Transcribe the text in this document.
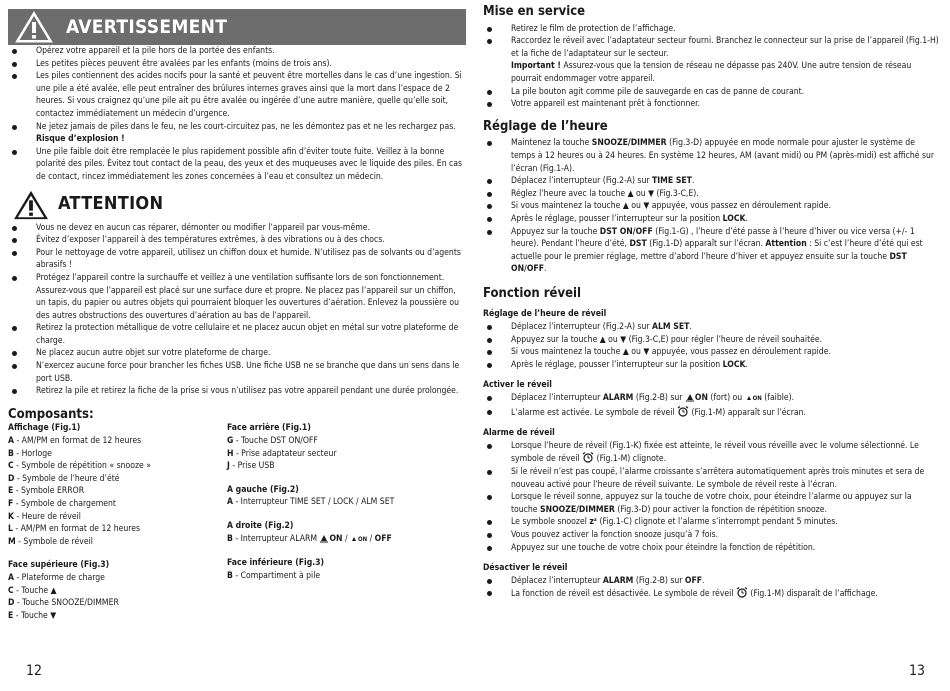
AVERTISSEMENT
Opérez votre appareil et la pile hors de la portée des enfants.
Les petites pièces peuvent être avalées par les enfants (moins de trois ans).
Les piles contiennent des acides nocifs pour la santé et peuvent être mortelles dans le cas d’une ingestion. Si une pile a été avalée, elle peut entraîner des brûlures internes graves ainsi que la mort dans l’espace de 2 heures. Si vous craignez qu’une pile ait pu être avalée ou ingérée d’une autre manière, quelle qu’elle soit, contactez immédiatement un médecin d’urgence.
Ne jetez jamais de piles dans le feu, ne les court-circuitez pas, ne les démontez pas et ne les rechargez pas.
Risque d’explosion !
Une pile faible doit être remplacée le plus rapidement possible afin d’éviter toute fuite. Veillez à la bonne polarité des piles. Évitez tout contact de la peau, des yeux et des muqueuses avec le liquide des piles. En cas de contact, rincez immédiatement les zones concernées à l’eau et consultez un médecin.
ATTENTION
Vous ne devez en aucun cas réparer, démonter ou modifier l’appareil par vous-même.
Évitez d’exposer l’appareil à des températures extrêmes, à des vibrations ou à des chocs.
Pour le nettoyage de votre appareil, utilisez un chiffon doux et humide. N’utilisez pas de solvants ou d’agents abrasifs !
Protégez l’appareil contre la surchauffe et veillez à une ventilation suffisante lors de son fonctionnement. Assurez-vous que l’appareil est placé sur une surface dure et propre. Ne placez pas l’appareil sur un chiffon, un tapis, du papier ou autres objets qui pourraient bloquer les ouvertures d’aération. Enlevez la poussière ou des autres obstructions des ouvertures d’aération au bas de l’appareil.
Retirez la protection métallique de votre cellulaire et ne placez aucun objet en métal sur votre plateforme de charge.
Ne placez aucun autre objet sur votre plateforme de charge.
N’exercez aucune force pour brancher les fiches USB. Une fiche USB ne se branche que dans un sens dans le port USB.
Retirez la pile et retirez la fiche de la prise si vous n’utilisez pas votre appareil pendant une durée prolongée.

Composants:

Affichage (Fig.1)
A - AM/PM en format de 12 heures
B - Horloge
C - Symbole de répétition « snooze »
D - Symbole de l’heure d’été
E - Symbole ERROR
F - Symbole de chargement
K - Heure de réveil
L - AM/PM en format de 12 heures
M - Symbole de réveil
Face supérieure (Fig.3)
A - Plateforme de charge
C - Touche ▲
D - Touche SNOOZE/DIMMER
E - Touche ▼
Face arrière (Fig.1)
G - Touche DST ON/OFF
H - Prise adaptateur secteur
J - Prise USB
A gauche (Fig.2)
A - Interrupteur TIME SET / LOCK / ALM SET
A droite (Fig.2)
B - Interrupteur ALARM ON / ON / OFF
Face inférieure (Fig.3)
B - Compartiment à pile
12

Mise en service

Retirez le film de protection de l’affichage.
Raccordez le réveil avec l’adaptateur secteur fourni. Branchez le connecteur sur la prise de l’appareil (Fig.1-H) et la fiche de l’adaptateur sur le secteur.
Important ! Assurez-vous que la tension de réseau ne dépasse pas 240V. Une autre tension de réseau pourrait endommager votre appareil.
La pile bouton agit comme pile de sauvegarde en cas de panne de courant.
Votre appareil est maintenant prêt à fonctionner.

Réglage de l’heure

Maintenez la touche SNOOZE/DIMMER (Fig.3-D) appuyée en mode normale pour ajuster le système de temps à 12 heures ou à 24 heures. En système 12 heures, AM (avant midi) ou PM (après-midi) est affiché sur l’écran (Fig.1-A).
Déplacez l’interrupteur (Fig.2-A) sur TIME SET.
Réglez l’heure avec la touche ▲ ou ▼ (Fig.3-C,E).
Si vous maintenez la touche ▲ ou ▼ appuyée, vous passez en déroulement rapide.
Après le réglage, pousser l’interrupteur sur la position LOCK.
Appuyez sur la touche DST ON/OFF (Fig.1-G) , l’heure d’été passe à l’heure d’hiver ou vice versa (+/- 1 heure). Pendant l’heure d’été, DST (Fig.1-D) apparaît sur l’écran. Attention : Si c’est l’heure d’été qui est actuelle pour le premier réglage, mettre d’abord l’heure d’hiver et appuyez ensuite sur la touche DST ON/OFF.

Fonction réveil

Réglage de l’heure de réveil
Déplacez l’interrupteur (Fig.2-A) sur ALM SET.
Appuyez sur la touche ▲ ou ▼ (Fig.3-C,E) pour régler l’heure de réveil souhaitée.
Si vous maintenez la touche ▲ ou ▼ appuyée, vous passez en déroulement rapide.
Après le réglage, pousser l’interrupteur sur la position LOCK.
Activer le réveil
Déplacez l’interrupteur ALARM (Fig.2-B) sur ON (fort) ou ON (faible).
L’alarme est activée. Le symbole de réveil  (Fig.1-M) apparaît sur l’écran.
Alarme de réveil
Lorsque l’heure de réveil (Fig.1-K) fixée est atteinte, le réveil vous réveille avec le volume sélectionné. Le symbole de réveil  (Fig.1-M) clignote.
Si le réveil n’est pas coupé, l’alarme croissante s’arrêtera automatiquement après trois minutes et sera de nouveau activé pour l’heure de réveil suivante. Le symbole de réveil reste à l’écran.
Lorsque le réveil sonne, appuyez sur la touche de votre choix, pour éteindre l’alarme ou appuyez sur la touche SNOOZE/DIMMER (Fig.3-D) pour activer la fonction de répétition snooze.
Le symbole snoozel zᶻ (Fig.1-C) clignote et l’alarme s’interrompt pendant 5 minutes.
Vous pouvez activer la fonction snooze jusqu’à 7 fois.
Appuyez sur une touche de votre choix pour éteindre la fonction de répétition.
Désactiver le réveil
Déplacez l’interrupteur ALARM (Fig.2-B) sur OFF.
La fonction de réveil est désactivée. Le symbole de réveil  (Fig.1-M) disparaît de l’affichage.
13
